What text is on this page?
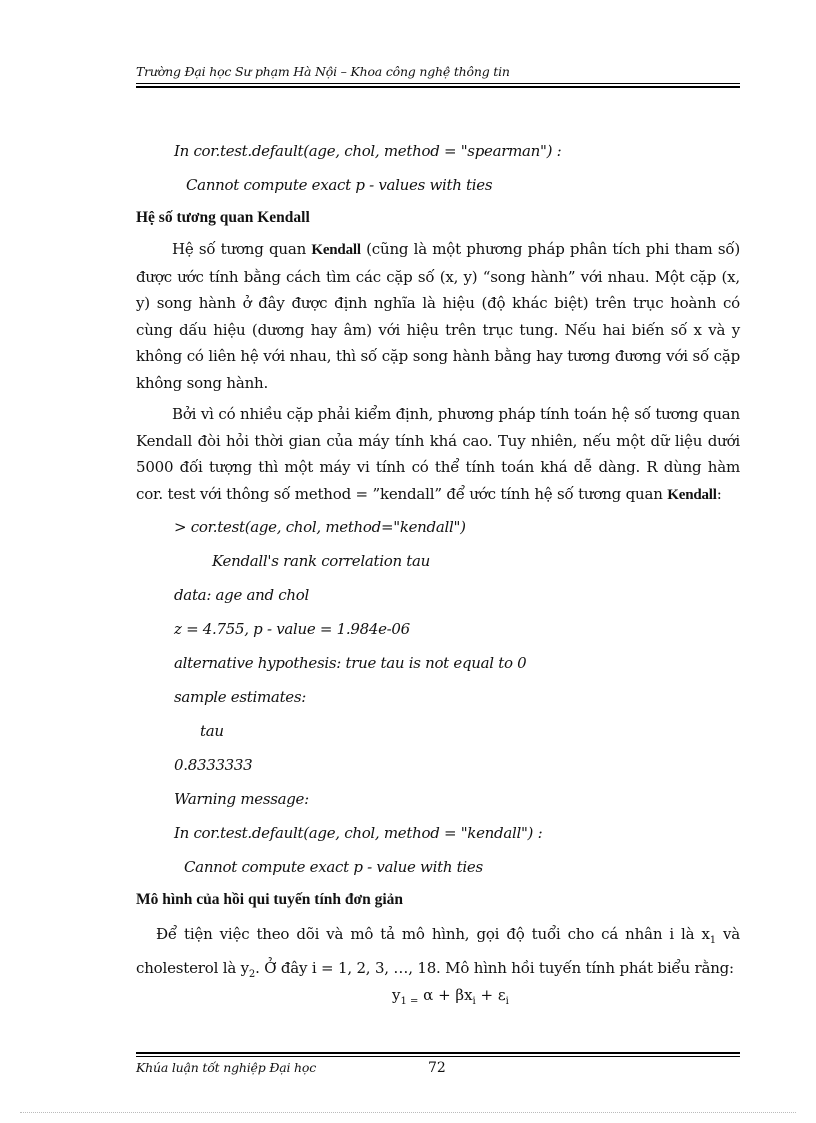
Trường Đại học Sư phạm Hà Nội – Khoa công nghệ thông tin
In cor.test.default(age, chol, method = "spearman") :
Cannot compute exact p - values with ties
Hệ số tương quan Kendall
Hệ số tương quan Kendall (cũng là một phương pháp phân tích phi tham số) được ước tính bằng cách tìm các cặp số (x, y) “song hành” với nhau. Một cặp (x, y) song hành ở đây được định nghĩa là hiệu (độ khác biệt) trên trục hoành có cùng dấu hiệu (dương hay âm) với hiệu trên trục tung. Nếu hai biến số x và y không có liên hệ với nhau, thì số cặp song hành bằng hay tương đương với số cặp không song hành.
Bởi vì có nhiều cặp phải kiểm định, phương pháp tính toán hệ số tương quan Kendall đòi hỏi thời gian của máy tính khá cao. Tuy nhiên, nếu một dữ liệu dưới 5000 đối tượng thì một máy vi tính có thể tính toán khá dễ dàng. R dùng hàm cor. test với thông số method = ”kendall” để ước tính hệ số tương quan Kendall:
> cor.test(age, chol, method="kendall")
Kendall's rank correlation tau
data: age and chol
z = 4.755, p - value = 1.984e-06
alternative hypothesis: true tau is not equal to 0
sample estimates:
tau
0.8333333
Warning message:
In cor.test.default(age, chol, method = "kendall") :
Cannot compute exact p - value with ties
Mô hình của hồi qui tuyến tính đơn giản
Để tiện việc theo dõi và mô tả mô hình, gọi độ tuổi cho cá nhân i là $x_1$ và cholesterol là $y_2$. Ở đây i = 1, 2, 3, …, 18. Mô hình hồi tuyến tính phát biểu rằng:
$y_{1 =}$ $\alpha + \beta x_i + \varepsilon_i$
Khúa luận tốt nghiệp Đại học	72
